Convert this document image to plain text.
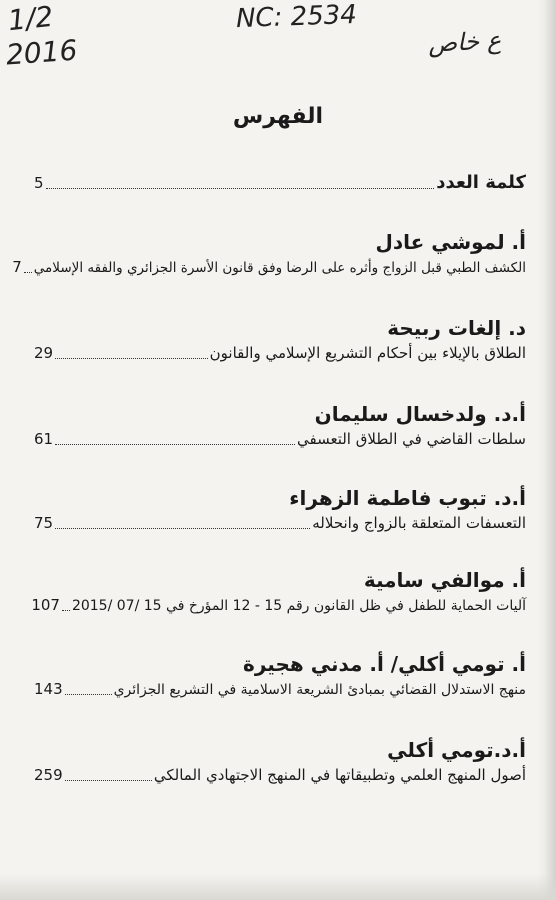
1/2
2016
NC: 2534
ع خاص
الفهرس
كلمة العدد
5
أ. لموشي عادل
الكشف الطبي قبل الزواج وأثره على الرضا وفق قانون الأسرة الجزائري والفقه الإسلامي
7
د. إلغات ربيحة
الطلاق بالإيلاء بين أحكام التشريع الإسلامي والقانون
29
أ.د. ولدخسال سليمان
سلطات القاضي في الطلاق التعسفي
61
أ.د. تبوب فاطمة الزهراء
التعسفات المتعلقة بالزواج وانحلاله
75
أ. موالفي سامية
آليات الحماية للطفل في ظل القانون رقم 15 - 12 المؤرخ في 15 /07 /2015
107
أ. تومي أكلي/ أ. مدني هجيرة
منهج الاستدلال القضائي بمبادئ الشريعة الاسلامية في التشريع الجزائري
143
أ.د.تومي أكلي
أصول المنهج العلمي وتطبيقاتها في المنهج الاجتهادي المالكي
259
